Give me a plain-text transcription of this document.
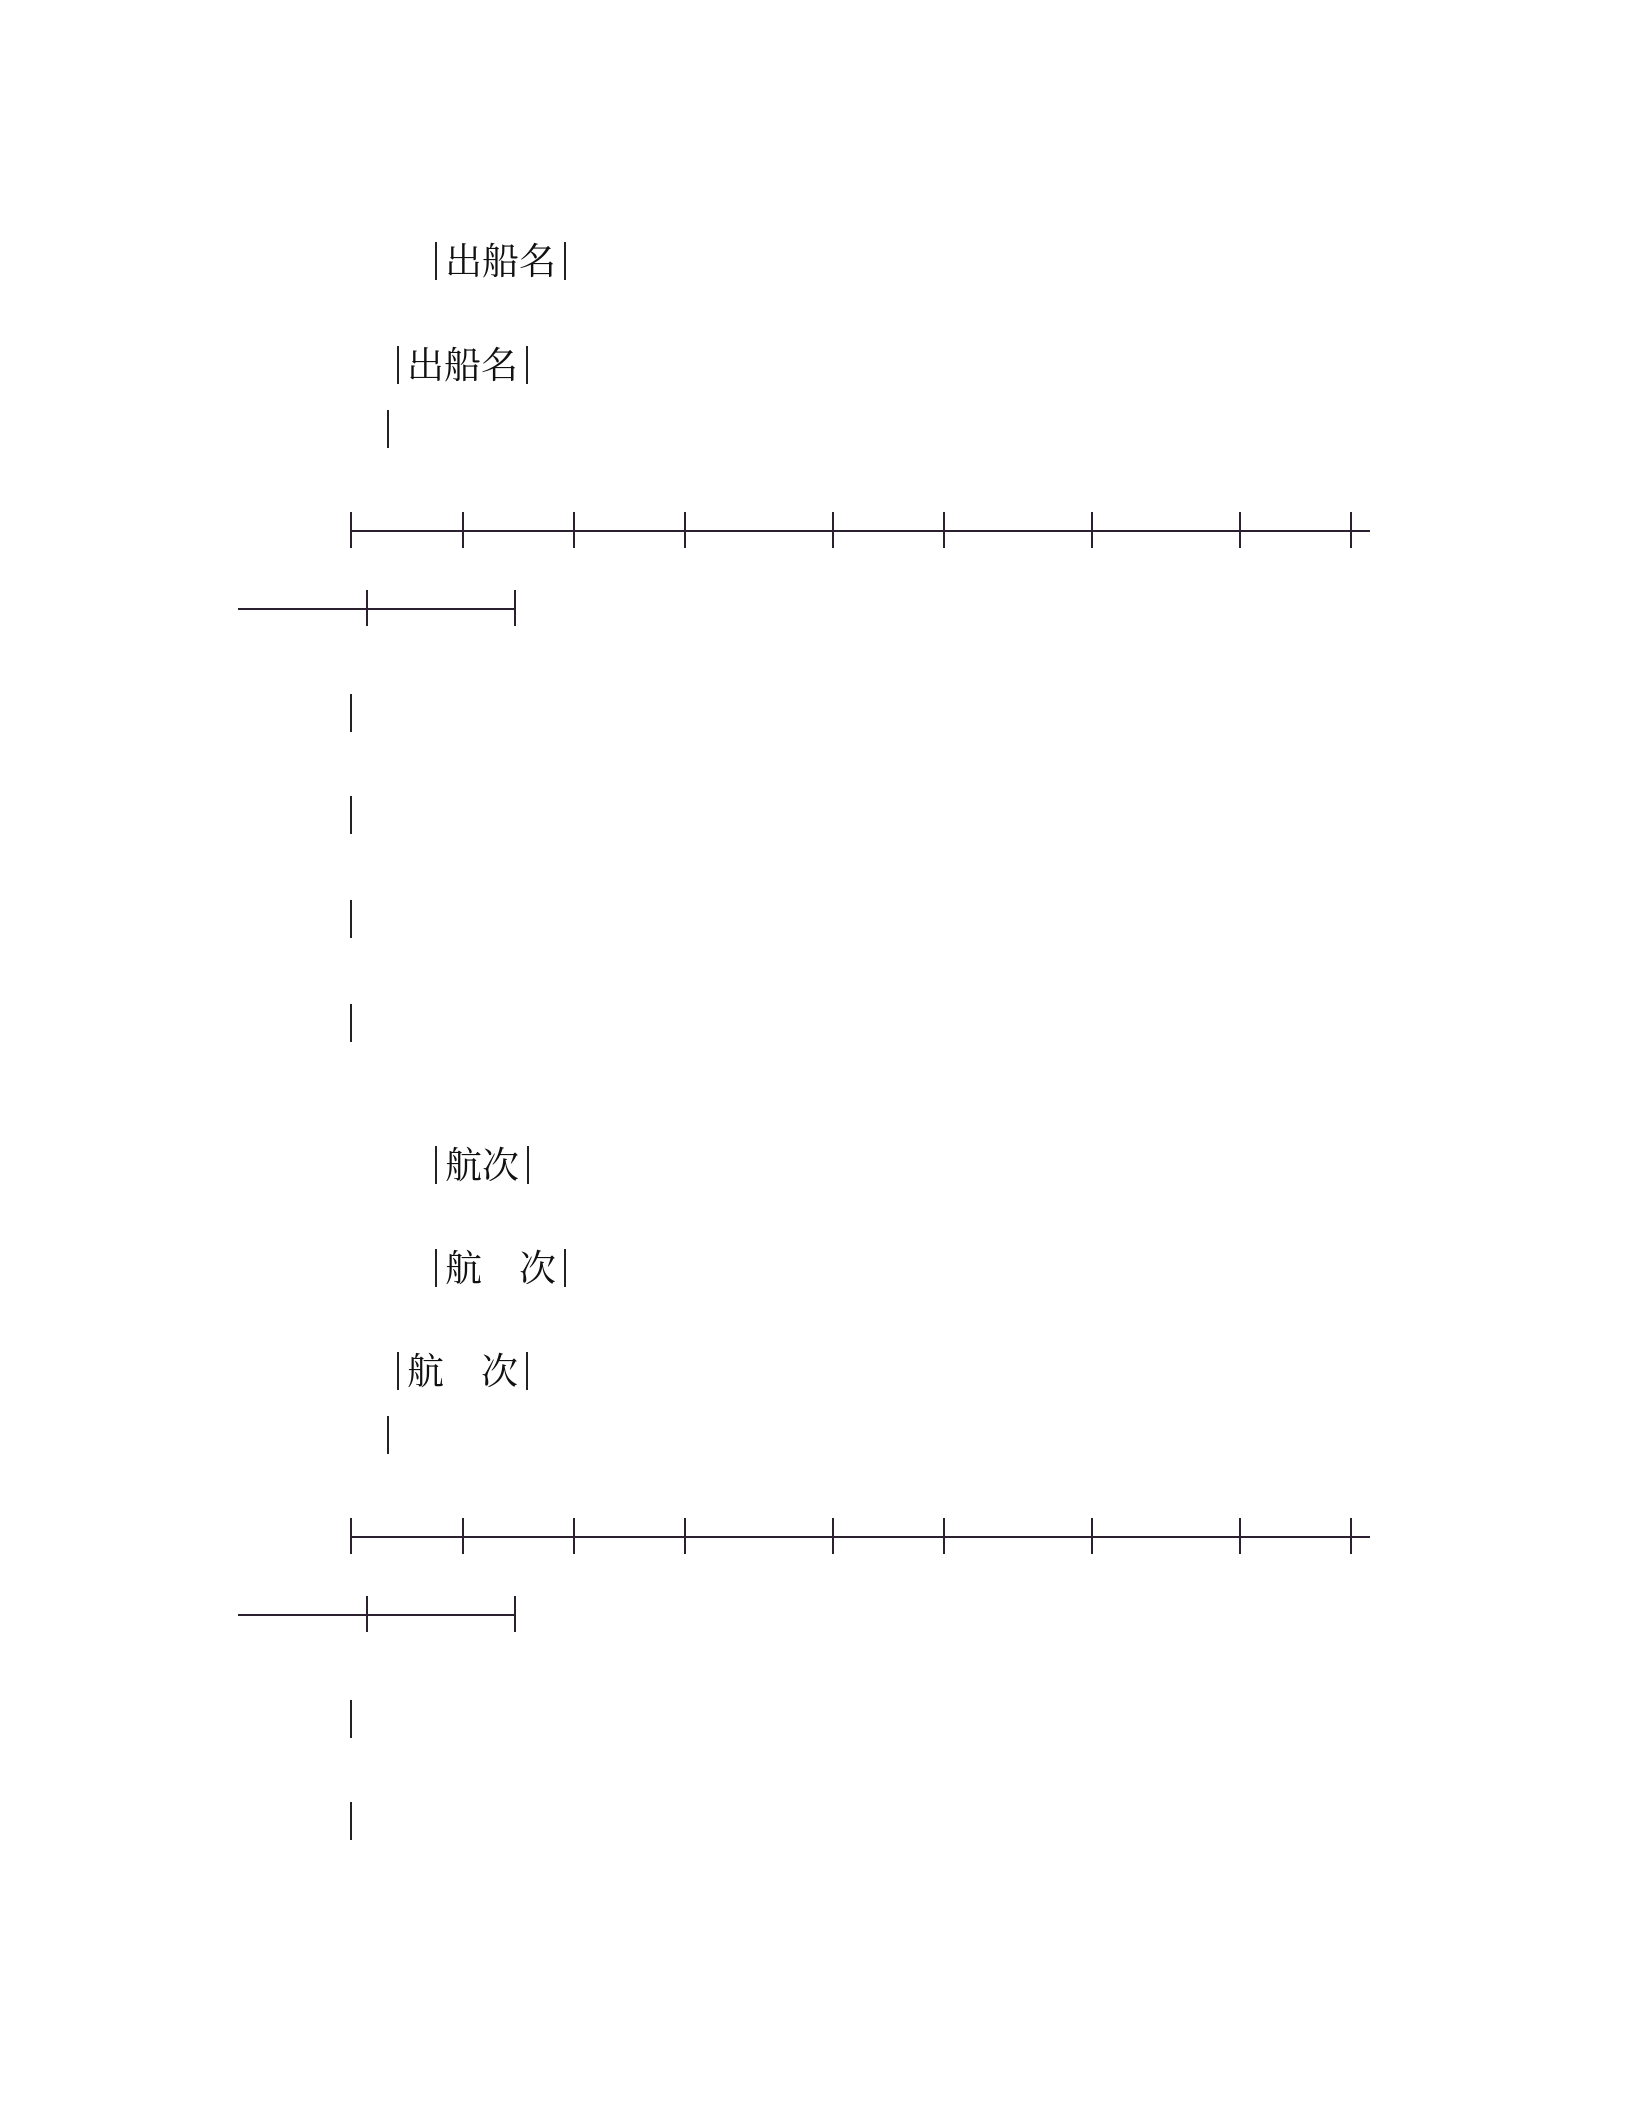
出船名

出船名

航次

航　次

航　次
